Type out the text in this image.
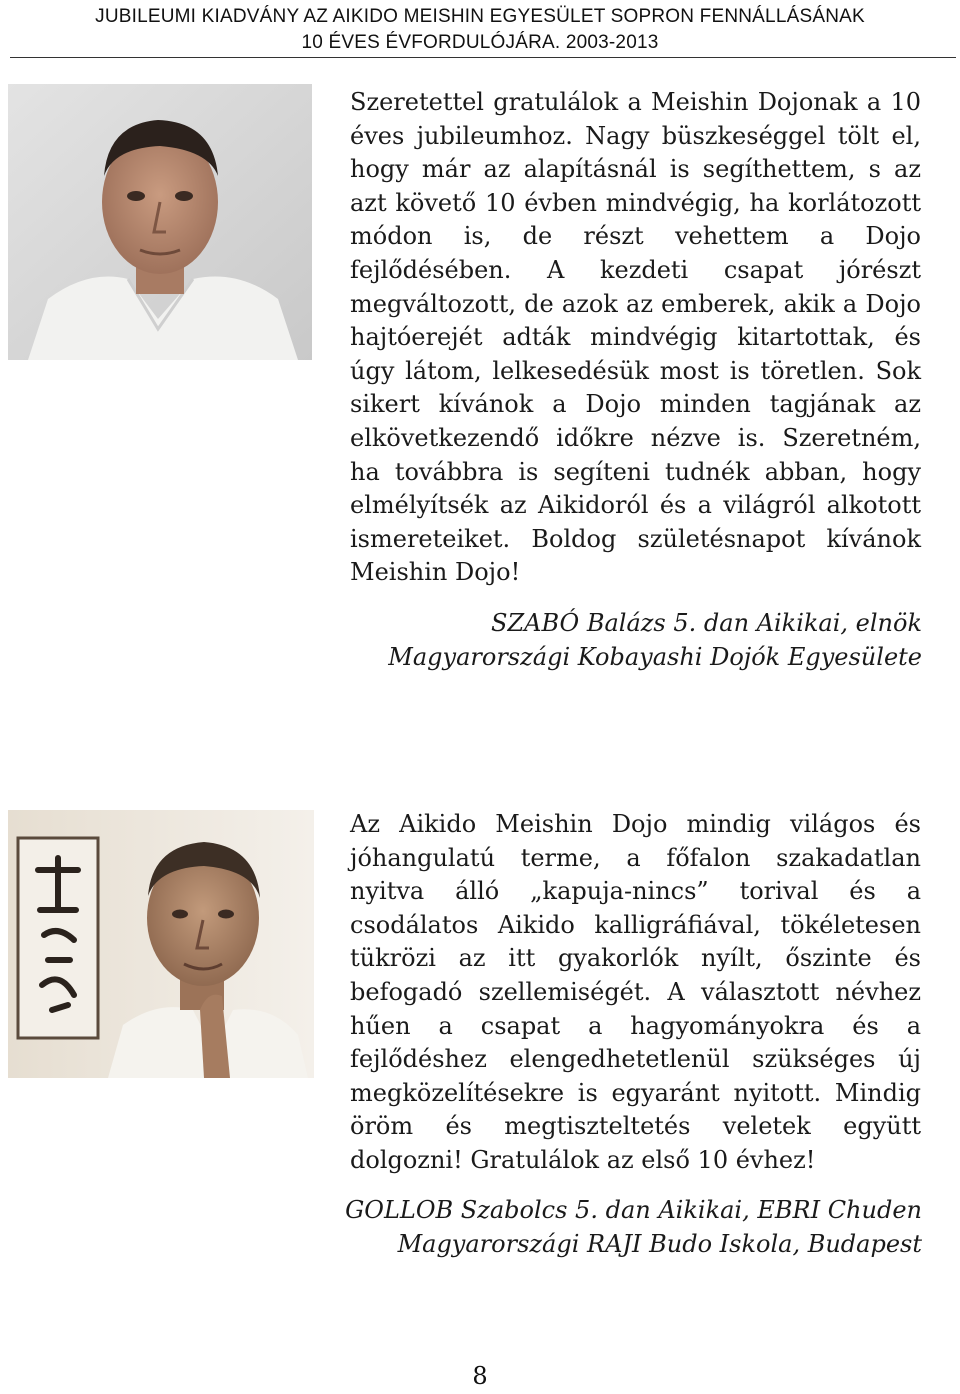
JUBILEUMI KIADVÁNY AZ AIKIDO MEISHIN EGYESÜLET SOPRON FENNÁLLÁSÁNAK
10 ÉVES ÉVFORDULÓJÁRA. 2003-2013
Szeretettel gratulálok a Meishin Dojonak a 10 éves jubileumhoz. Nagy büszkeséggel tölt el, hogy már az alapításnál is segíthettem, s az azt követő 10 évben mindvégig, ha korlátozott módon is, de részt vehettem a Dojo fejlődésében. A kezdeti csapat jórészt megváltozott, de azok az emberek, akik a Dojo hajtóerejét adták mindvégig kitartottak, és úgy látom, lelkesedésük most is töretlen. Sok sikert kívánok a Dojo minden tagjának az elkövetkezendő időkre nézve is. Szeretném, ha továbbra is segíteni tudnék abban, hogy elmélyítsék az Aikidoról és a világról alkotott ismereteiket. Boldog születésnapot kívánok Meishin Dojo!
SZABÓ Balázs 5. dan Aikikai, elnök
Magyarországi Kobayashi Dojók Egyesülete
Az Aikido Meishin Dojo mindig világos és jóhangulatú terme, a főfalon szakadatlan nyitva álló „kapuja-nincs” torival és a csodálatos Aikido kalligráfiával, tökéletesen tükrözi az itt gyakorlók nyílt, őszinte és befogadó szellemiségét. A választott névhez hűen a csapat a hagyományokra és a fejlődéshez elengedhetetlenül szükséges új megközelítésekre is egyaránt nyitott. Mindig öröm és megtiszteltetés veletek együtt dolgozni! Gratulálok az első 10 évhez!
GOLLOB Szabolcs 5. dan Aikikai, EBRI Chuden
Magyarországi RAJI Budo Iskola, Budapest
8
